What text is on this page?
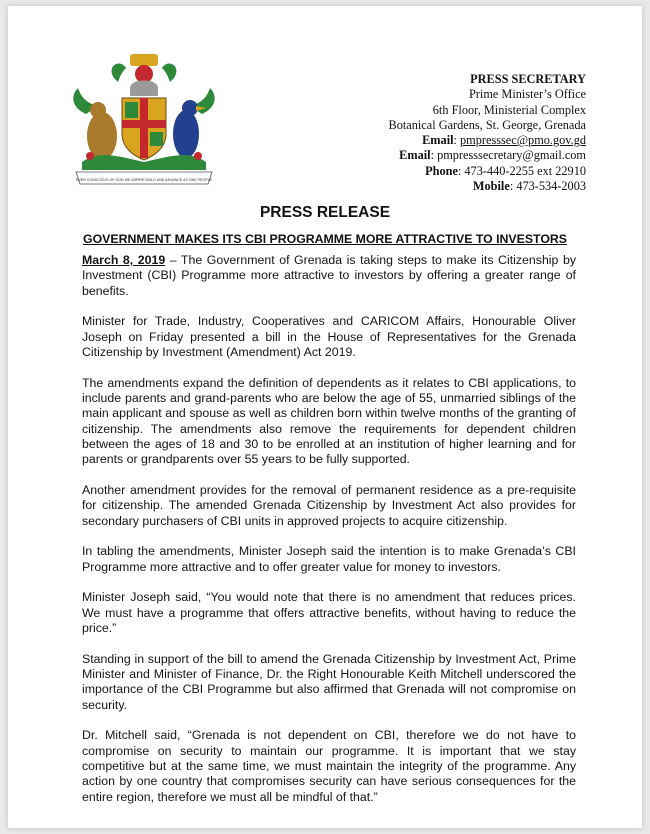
EVER CONSCIOUS OF GOD WE ASPIRE BUILD AND ADVANCE AS ONE PEOPLE
PRESS SECRETARY
Prime Minister’s Office
6th Floor, Ministerial Complex
Botanical Gardens, St. George, Grenada
Email: pmpresssec@pmo.gov.gd
Email: pmpresssecretary@gmail.com
Phone: 473-440-2255 ext 22910
Mobile: 473-534-2003
PRESS RELEASE
GOVERNMENT MAKES ITS CBI PROGRAMME MORE ATTRACTIVE TO INVESTORS

March 8, 2019 – The Government of Grenada is taking steps to make its Citizenship by Investment (CBI) Programme more attractive to investors by offering a greater range of benefits.

Minister for Trade, Industry, Cooperatives and CARICOM Affairs, Honourable Oliver Joseph on Friday presented a bill in the House of Representatives for the Grenada Citizenship by Investment (Amendment) Act 2019.

The amendments expand the definition of dependents as it relates to CBI applications, to include parents and grand-parents who are below the age of 55, unmarried siblings of the main applicant and spouse as well as children born within twelve months of the granting of citizenship. The amendments also remove the requirements for dependent children between the ages of 18 and 30 to be enrolled at an institution of higher learning and for parents or grandparents over 55 years to be fully supported.

Another amendment provides for the removal of permanent residence as a pre-requisite for citizenship. The amended Grenada Citizenship by Investment Act also provides for secondary purchasers of CBI units in approved projects to acquire citizenship.

In tabling the amendments, Minister Joseph said the intention is to make Grenada’s CBI Programme more attractive and to offer greater value for money to investors.

Minister Joseph said, “You would note that there is no amendment that reduces prices. We must have a programme that offers attractive benefits, without having to reduce the price.”

Standing in support of the bill to amend the Grenada Citizenship by Investment Act, Prime Minister and Minister of Finance, Dr. the Right Honourable Keith Mitchell underscored the importance of the CBI Programme but also affirmed that Grenada will not compromise on security.

Dr. Mitchell said, “Grenada is not dependent on CBI, therefore we do not have to compromise on security to maintain our programme. It is important that we stay competitive but at the same time, we must maintain the integrity of the programme. Any action by one country that compromises security can have serious consequences for the entire region, therefore we must all be mindful of that.”
